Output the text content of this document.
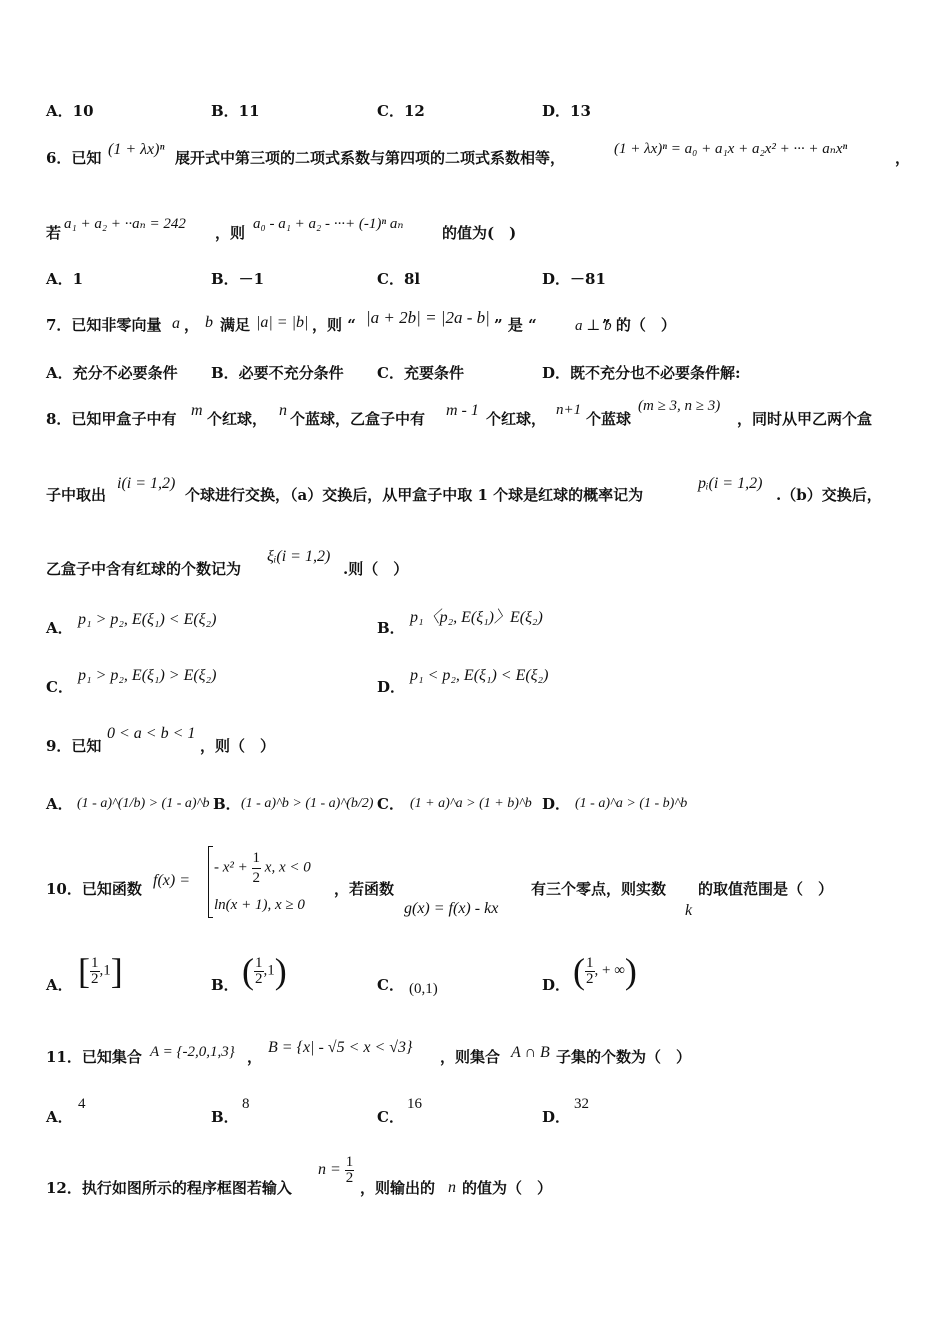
A．10	B．11	C．12	D．13
6．已知 (1 + λx)ⁿ 展开式中第三项的二项式系数与第四项的二项式系数相等，	(1 + λx)ⁿ = a₀ + a₁x + a₂x² + ··· + aₙxⁿ	，
若 a₁ + a₂ + ··aₙ = 242 ，则 a₀ - a₁ + a₂ - ···+ (-1)ⁿ aₙ	的值为(　)
A．1	B．－1	C．8l	D．－81
7．已知非零向量 a ， b 满足 |a| = |b| ，则 “ |a + 2b| = |2a - b| ” 是 “	a ⊥ b
” 的（　）
A．充分不必要条件 B．必要不充分条件 C．充要条件	D．既不充分也不必要条件解:
8．已知甲盒子中有 m 个红球， n 个蓝球，乙盒子中有 m - 1 个红球， n+1 个蓝球
(m ≥ 3, n ≥ 3)
，同时从甲乙两个盒
子中取出
i(i = 1,2)
个球进行交换，（a）交换后，从甲盒子中取 1 个球是红球的概率记为
pᵢ(i = 1,2)
.（b）交换后，
乙盒子中含有红球的个数记为
ξᵢ(i = 1,2)
.则（　）
A． p₁ > p₂, E(ξ₁) < E(ξ₂)	B．
p₁〈p₂, E(ξ₁)〉E(ξ₂)
C．
p₁ > p₂, E(ξ₁) > E(ξ₂)
D．
p₁ < p₂, E(ξ₁) < E(ξ₂)
9．已知
0 < a < b < 1
，则（　）
A． (1 - a)^(1/b) > (1 - a)^b B． (1 - a)^b > (1 - a)^(b/2) C． (1 + a)^a > (1 + b)^b D． (1 - a)^a > (1 - b)^b
10．已知函数 f(x) =
- $x^2 + \frac{1}{2} x$, x < 0
ln(x + 1), x ≥ 0
，若函数
g(x) = f(x) - kx
有三个零点，则实数
k
的取值范围是（　）
A． [ $\frac{1}{2} ,1$]	B． ( $\frac{1}{2} ,1$)	C． (0,1)	D． ( $\frac{1}{2}$ , + ∞)
11．已知集合 A = {-2,0,1,3} ，
B = {x| - √5 < x < √3}
，则集合 A ∩ B 子集的个数为（　）
A．
4
B．
8
C．
16
D．
32
12．执行如图所示的程序框图若输入
$n = \frac{1}{2}$
，则输出的 n 的值为（　）
